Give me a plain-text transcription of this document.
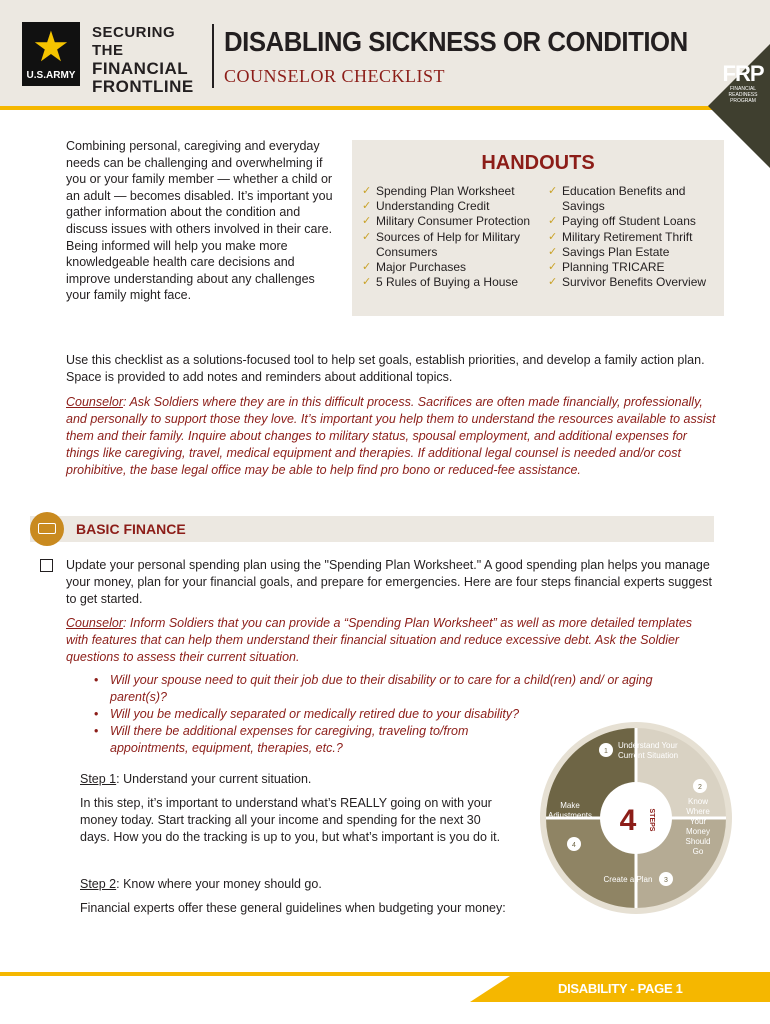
★
U.S.ARMY
SECURING THE
FINANCIAL
FRONTLINE
DISABLING SICKNESS OR CONDITION
COUNSELOR CHECKLIST	FRP
FINANCIAL READINESS PROGRAM
Combining personal, caregiving and everyday needs can be challenging and overwhelming if you or your family member — whether a child or an adult — becomes disabled. It’s important you gather information about the condition and discuss issues with others involved in their care. Being informed will help you make more knowledgeable health care decisions and improve understanding about any challenges your family might face.
HANDOUTS
✓ Spending Plan Worksheet
✓ Understanding Credit
✓ Military Consumer Protection
✓ Sources of Help for Military Consumers
✓ Major Purchases
✓ 5 Rules of Buying a House
✓ Education Benefits and Savings
✓ Paying off Student Loans
✓ Military Retirement Thrift
✓ Savings Plan Estate
✓ Planning TRICARE
✓ Survivor Benefits Overview
Use this checklist as a solutions-focused tool to help set goals, establish priorities, and develop a family action plan. Space is provided to add notes and reminders about additional topics.
Counselor: Ask Soldiers where they are in this difficult process. Sacrifices are often made financially, professionally, and personally to support those they love. It’s important you help them to understand the resources available to assist them and their family. Inquire about changes to military status, spousal employment, and additional expenses for things like caregiving, travel, medical equipment and therapies. If additional legal counsel is needed and/or cost prohibitive, the base legal office may be able to help find pro bono or reduced-fee assistance.
BASIC FINANCE
Update your personal spending plan using the "Spending Plan Worksheet." A good spending plan helps you manage your money, plan for your financial goals, and prepare for emergencies. Here are four steps financial experts suggest to get started.
Counselor: Inform Soldiers that you can provide a “Spending Plan Worksheet” as well as more detailed templates with features that can help them understand their financial situation and reduce excessive debt. Ask the Soldier questions to assess their current situation.
• Will your spouse need to quit their job due to their disability or to care for a child(ren) and/ or aging parent(s)?
• Will you be medically separated or medically retired due to your disability?
• Will there be additional expenses for caregiving, traveling to/from appointments, equipment, therapies, etc.?
Step 1: Understand your current situation.
In this step, it’s important to understand what’s REALLY going on with your money today. Start tracking all your income and spending for the next 30 days. How you do the tracking is up to you, but what’s important is you do it.
Step 2: Know where your money should go.
Financial experts offer these general guidelines when budgeting your money:
4 STEPS
1
Understand Your
Current Situation
2
Know
Where
Your
Money
Should
Go
Create a Plan 3
Make
Adjustments
4
DISABILITY - PAGE 1
